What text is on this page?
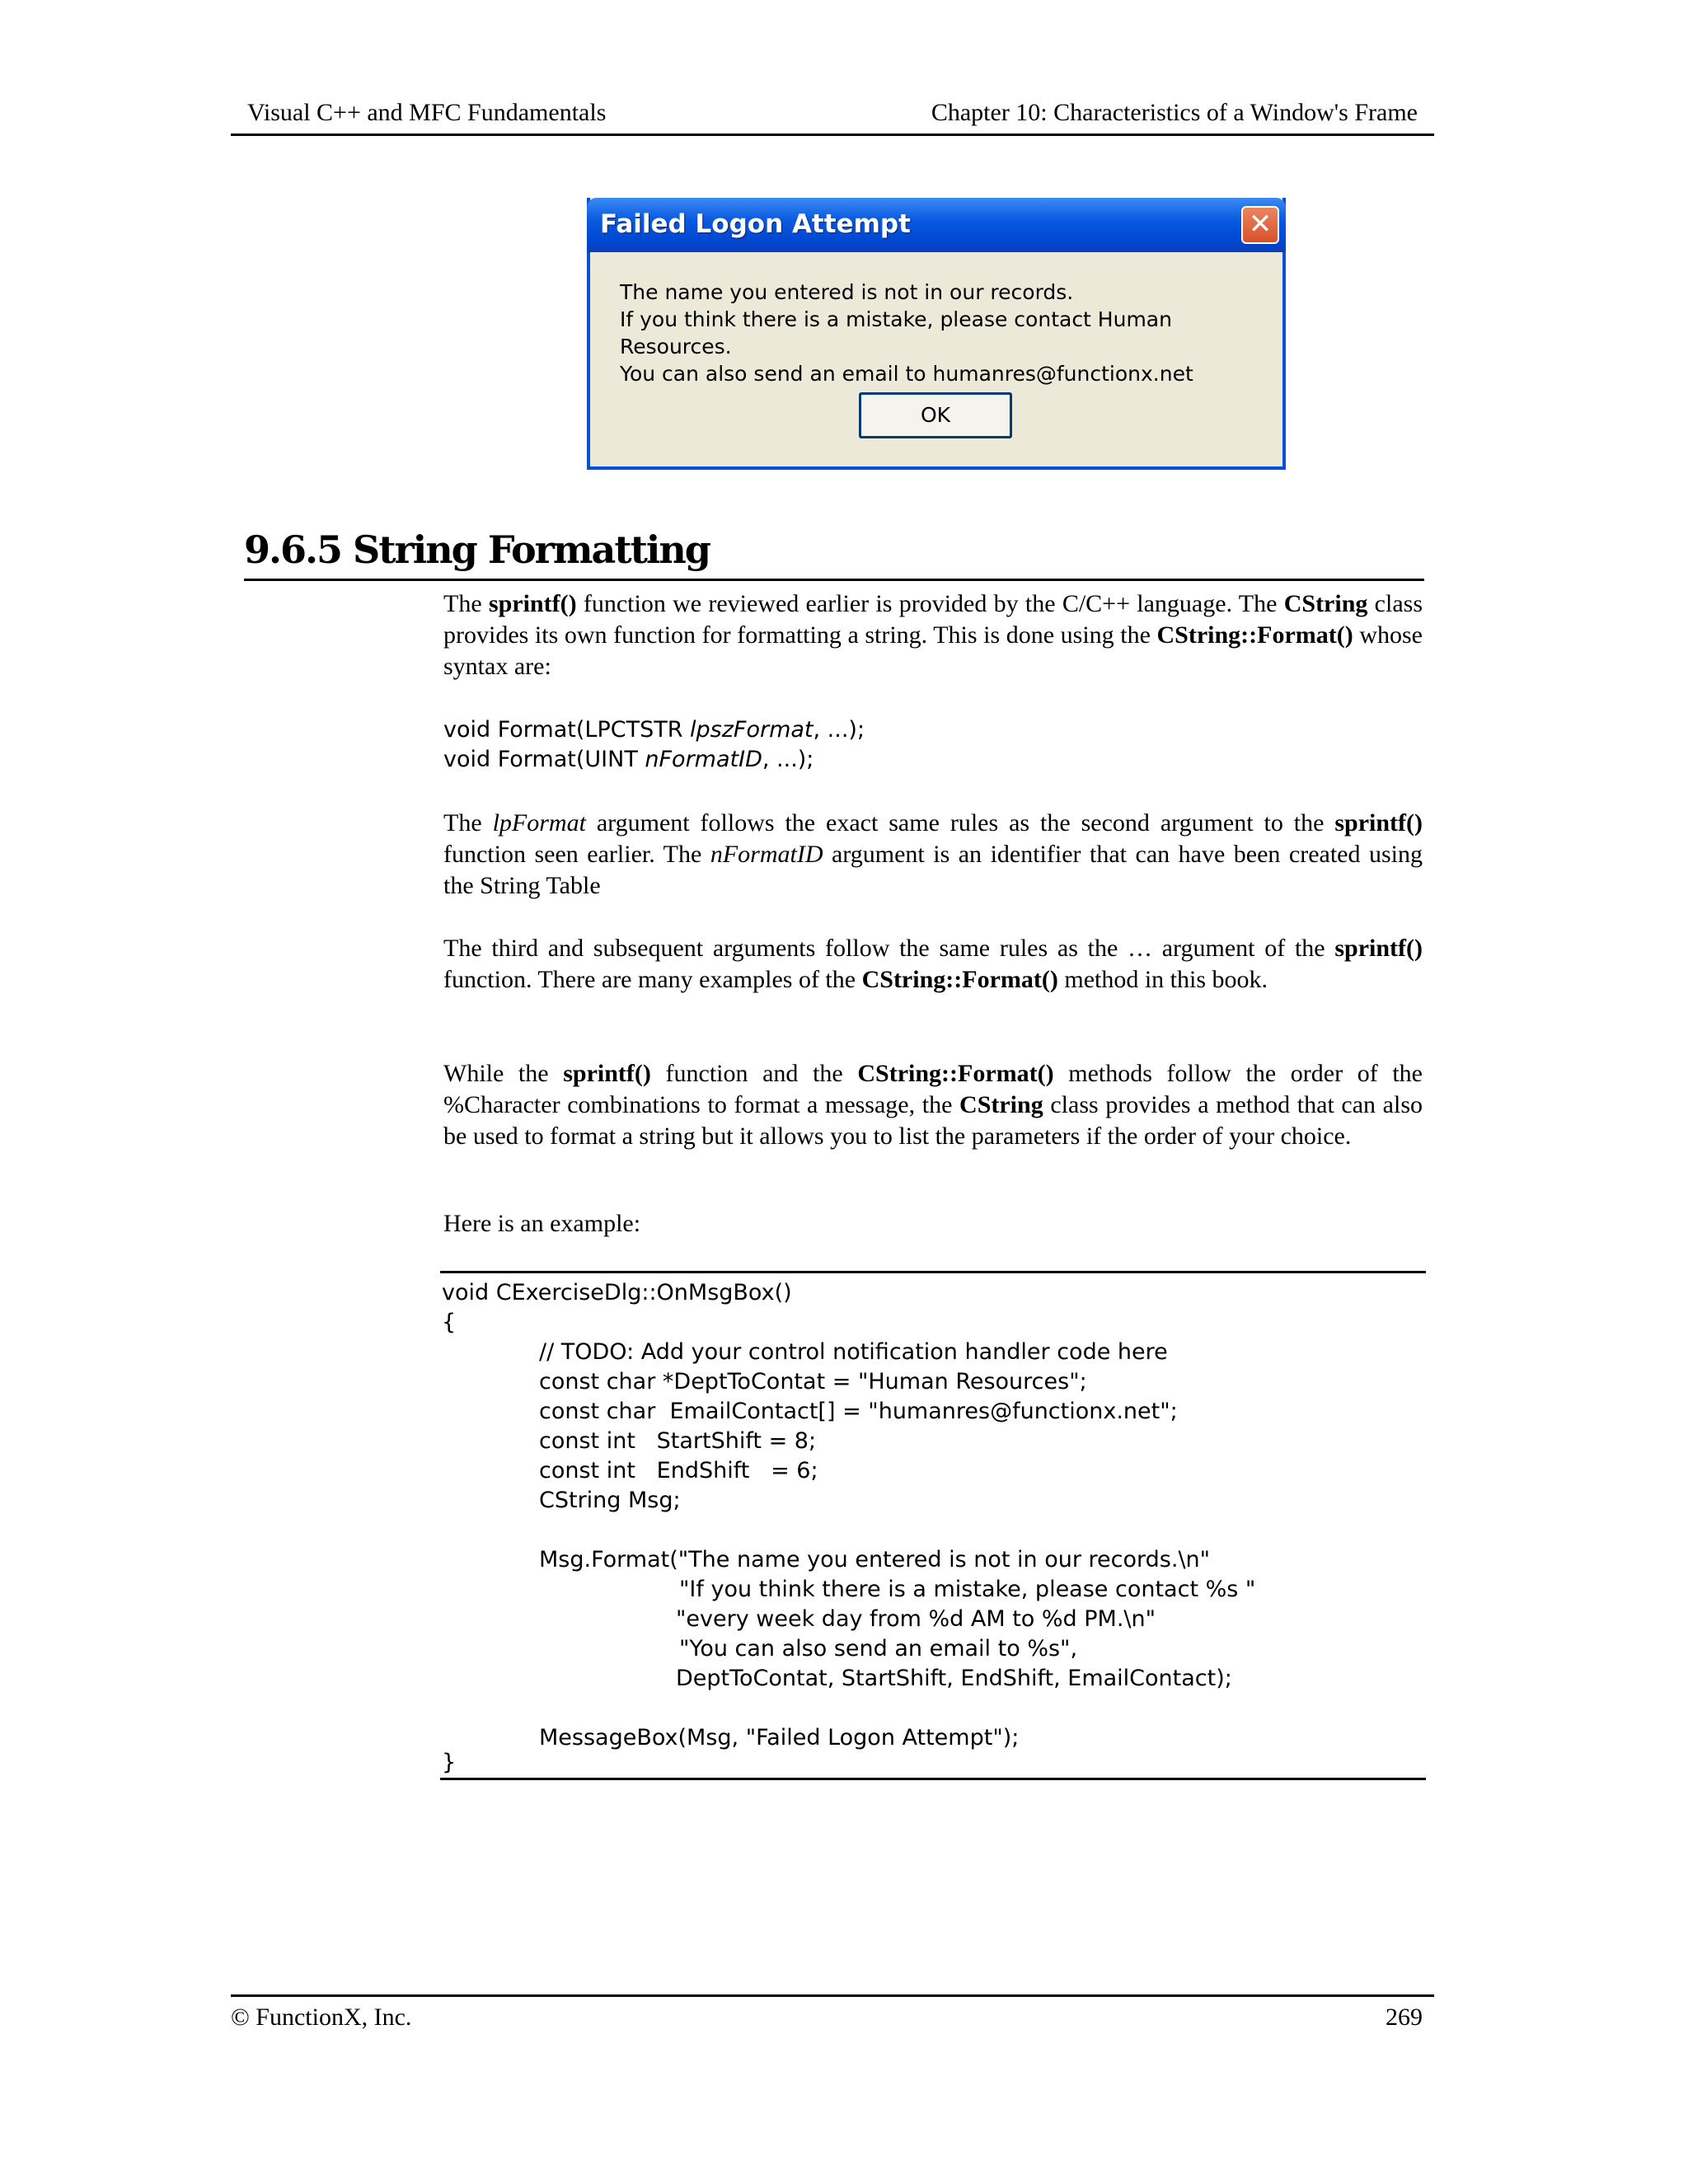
Visual C++ and MFC Fundamentals	Chapter 10: Characteristics of a Window's Frame
Failed Logon Attempt	✕
The name you entered is not in our records.
If you think there is a mistake, please contact Human Resources.
You can also send an email to humanres@functionx.net
OK
9.6.5 String Formatting
The sprintf() function we reviewed earlier is provided by the C/C++ language. The CString class provides its own function for formatting a string. This is done using the CString::Format() whose syntax are:
void Format(LPCTSTR lpszFormat, ...);
void Format(UINT nFormatID, ...);
The lpFormat argument follows the exact same rules as the second argument to the sprintf() function seen earlier. The nFormatID argument is an identifier that can have been created using the String Table
The third and subsequent arguments follow the same rules as the … argument of the sprintf() function. There are many examples of the CString::Format() method in this book.
While the sprintf() function and the CString::Format() methods follow the order of the %Character combinations to format a message, the CString class provides a method that can also be used to format a string but it allows you to list the parameters if the order of your choice.
Here is an example:
void CExerciseDlg::OnMsgBox()
{
// TODO: Add your control notification handler code here
const char *DeptToContat = "Human Resources";
const char  EmailContact[] = "humanres@functionx.net";
const int   StartShift = 8;
const int   EndShift   = 6;
CString Msg;
Msg.Format("The name you entered is not in our records.\n"
"If you think there is a mistake, please contact %s "
"every week day from %d AM to %d PM.\n"
"You can also send an email to %s",
DeptToContat, StartShift, EndShift, EmailContact);
MessageBox(Msg, "Failed Logon Attempt");
}
© FunctionX, Inc.	269
